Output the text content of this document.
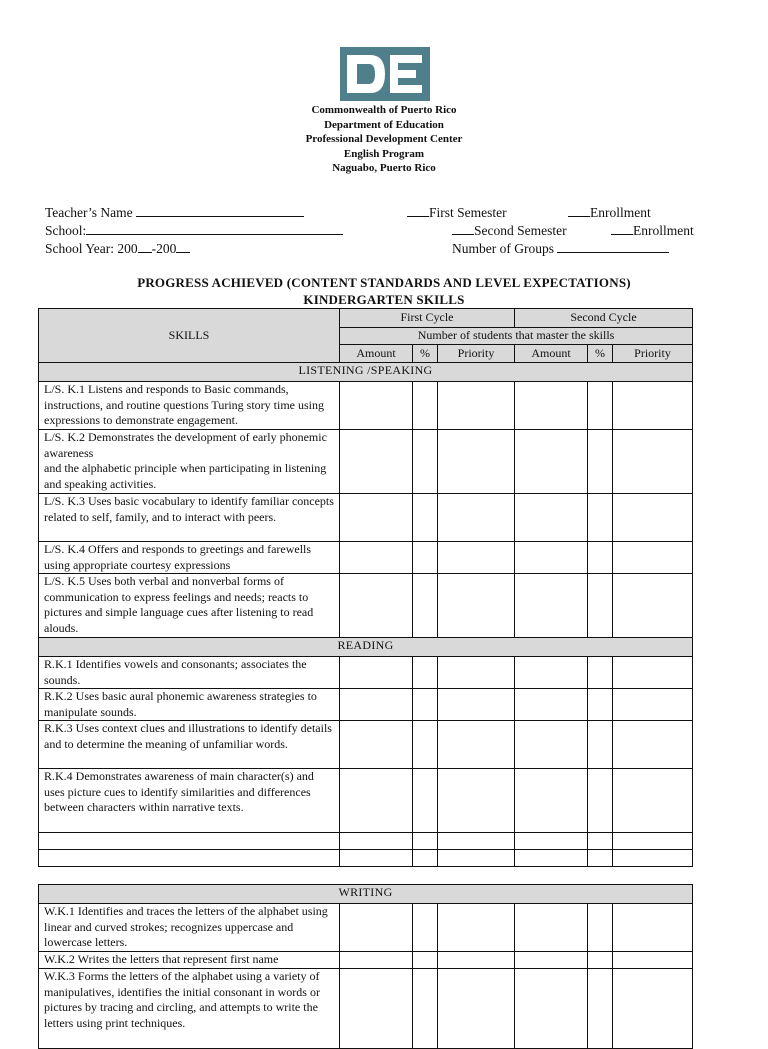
Commonwealth of Puerto Rico
Department of Education
Professional Development Center
English Program
Naguabo, Puerto Rico
Teacher’s Name
School:
School Year: 200 -200
First Semester	Enrollment
Second Semester	Enrollment
Number of Groups
PROGRESS ACHIEVED (CONTENT STANDARDS AND LEVEL EXPECTATIONS)
KINDERGARTEN SKILLS
SKILLS	First Cycle			Second Cycle		
	Number of students that master the skills					
	Amount	%	Priority	Amount	%	Priority
LISTENING /SPEAKING						
L/S. K.1 Listens and responds to Basic commands, instructions, and routine questions Turing story time using expressions to demonstrate engagement.						
L/S. K.2 Demonstrates the development of early phonemic awareness
and the alphabetic principle when participating in listening and speaking activities.						
L/S. K.3 Uses basic vocabulary to identify familiar concepts related to self, family, and to interact with peers.						
L/S. K.4 Offers and responds to greetings and farewells using appropriate courtesy expressions						
L/S. K.5 Uses both verbal and nonverbal forms of communication to express feelings and needs; reacts to pictures and simple language cues after listening to read alouds.						
READING						
R.K.1 Identifies vowels and consonants; associates the sounds.						
R.K.2 Uses basic aural phonemic awareness strategies to manipulate sounds.						
R.K.3 Uses context clues and illustrations to identify details and to determine the meaning of unfamiliar words.						
R.K.4 Demonstrates awareness of main character(s) and uses picture cues to identify similarities and differences between characters within narrative texts.						

WRITING						
W.K.1 Identifies and traces the letters of the alphabet using linear and curved strokes; recognizes uppercase and lowercase letters.						
W.K.2 Writes the letters that represent first name						
W.K.3 Forms the letters of the alphabet using a variety of manipulatives, identifies the initial consonant in words or pictures by tracing and circling, and attempts to write the letters using print techniques.						
